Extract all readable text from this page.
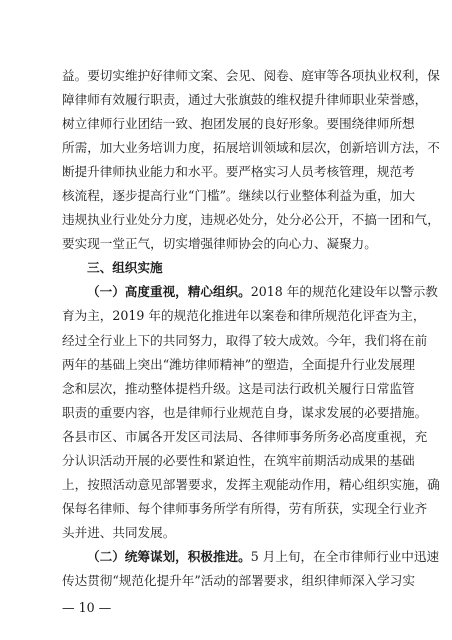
益。要切实维护好律师文案、会见、阅卷、庭审等各项执业权利，保
障律师有效履行职责，通过大张旗鼓的维权提升律师职业荣誉感，
树立律师行业团结一致、抱团发展的良好形象。要围绕律师所想
所需，加大业务培训力度，拓展培训领域和层次，创新培训方法，不
断提升律师执业能力和水平。要严格实习人员考核管理，规范考
核流程，逐步提高行业“门槛”。继续以行业整体利益为重，加大
违规执业行业处分力度，违规必处分，处分必公开，不搞一团和气，
要实现一堂正气，切实增强律师协会的向心力、凝聚力。
三、组织实施
（一）高度重视，精心组织。2018 年的规范化建设年以警示教
育为主，2019 年的规范化推进年以案卷和律所规范化评查为主，
经过全行业上下的共同努力，取得了较大成效。今年，我们将在前
两年的基础上突出“潍坊律师精神”的塑造，全面提升行业发展理
念和层次，推动整体提档升级。这是司法行政机关履行日常监管
职责的重要内容，也是律师行业规范自身，谋求发展的必要措施。
各县市区、市属各开发区司法局、各律师事务所务必高度重视，充
分认识活动开展的必要性和紧迫性，在筑牢前期活动成果的基础
上，按照活动意见部署要求，发挥主观能动作用，精心组织实施，确
保每名律师、每个律师事务所学有所得，劳有所获，实现全行业齐
头并进、共同发展。
（二）统筹谋划，积极推进。5 月上旬，在全市律师行业中迅速
传达贯彻“规范化提升年”活动的部署要求，组织律师深入学习实
— 10 —
